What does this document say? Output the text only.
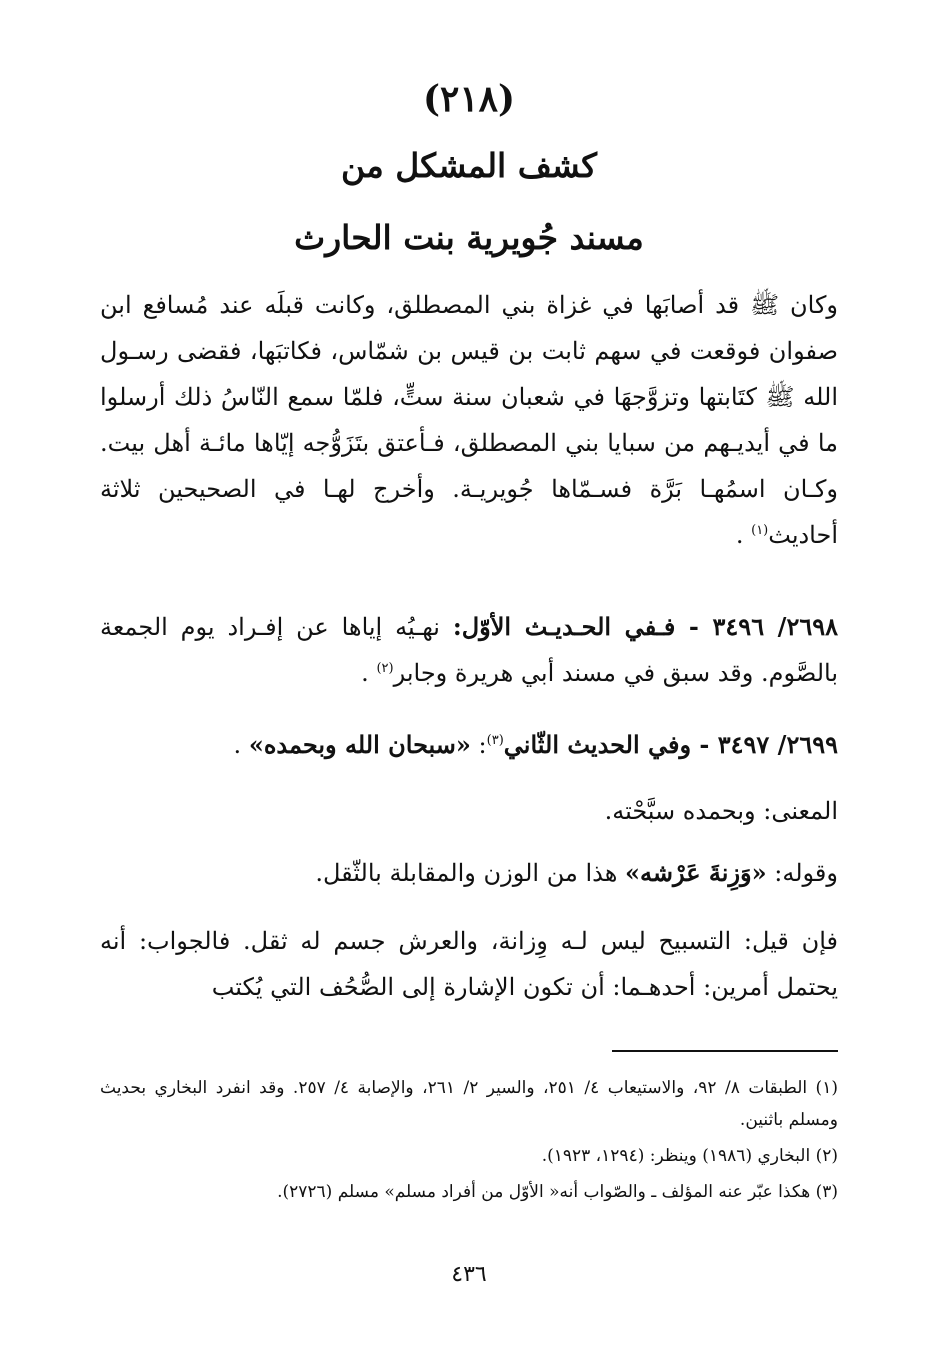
(٢١٨)
كشف المشكل من
مسند جُويرية بنت الحارث

وكان ﷺ قد أصابَها في غزاة بني المصطلق، وكانت قبلَه عند مُسافع ابن صفوان فوقعت في سهم ثابت بن قيس بن شمّاس، فكاتبَها، فقضى رسـول الله ﷺ كتَابتها وتزوَّجهَا في شعبان سنة ستٍّ، فلمّا سمع النّاسُ ذلك أرسلوا ما في أيديـهم من سبايا بني المصطلق، فـأعتق بتَزَوُّجه إيّاها مائـة أهل بيت. وكـان اسمُهـا بَرَّة فسـمّاها جُويريـة. وأخرج لهـا في الصحيحين ثلاثة أحاديث$^{(١)}$ .

٢٦٩٨/ ٣٤٩٦ - فـفي الحـديـث الأوّل: نهـيُه إياها عن إفـراد يوم الجمعة بالصَّوم. وقد سبق في مسند أبي هريرة وجابر$^{(٢)}$ .

٢٦٩٩/ ٣٤٩٧ - وفي الحديث الثّاني$^{(٣)}$: «سبحان الله وبحمده» .

المعنى: وبحمده سبَّحْته.

وقوله: «وَزِنةَ عَرْشه» هذا من الوزن والمقابلة بالثّقل.

فإن قيل: التسبيح ليس لـه وِزانة، والعرش جسم له ثقل. فالجواب: أنه يحتمل أمرين: أحدهـما: أن تكون الإشارة إلى الصُّحُف التي يُكتب

(١) الطبقات ٨/ ٩٢، والاستيعاب ٤/ ٢٥١، والسير ٢/ ٢٦١، والإصابة ٤/ ٢٥٧. وقد انفرد البخاري بحديث ومسلم باثنين.

(٢) البخاري (١٩٨٦) وينظر: (١٢٩٤، ١٩٢٣).

(٣) هكذا عبّر عنه المؤلف ـ والصّواب أنه« الأوّل من أفراد مسلم» مسلم (٢٧٢٦).

٤٣٦
